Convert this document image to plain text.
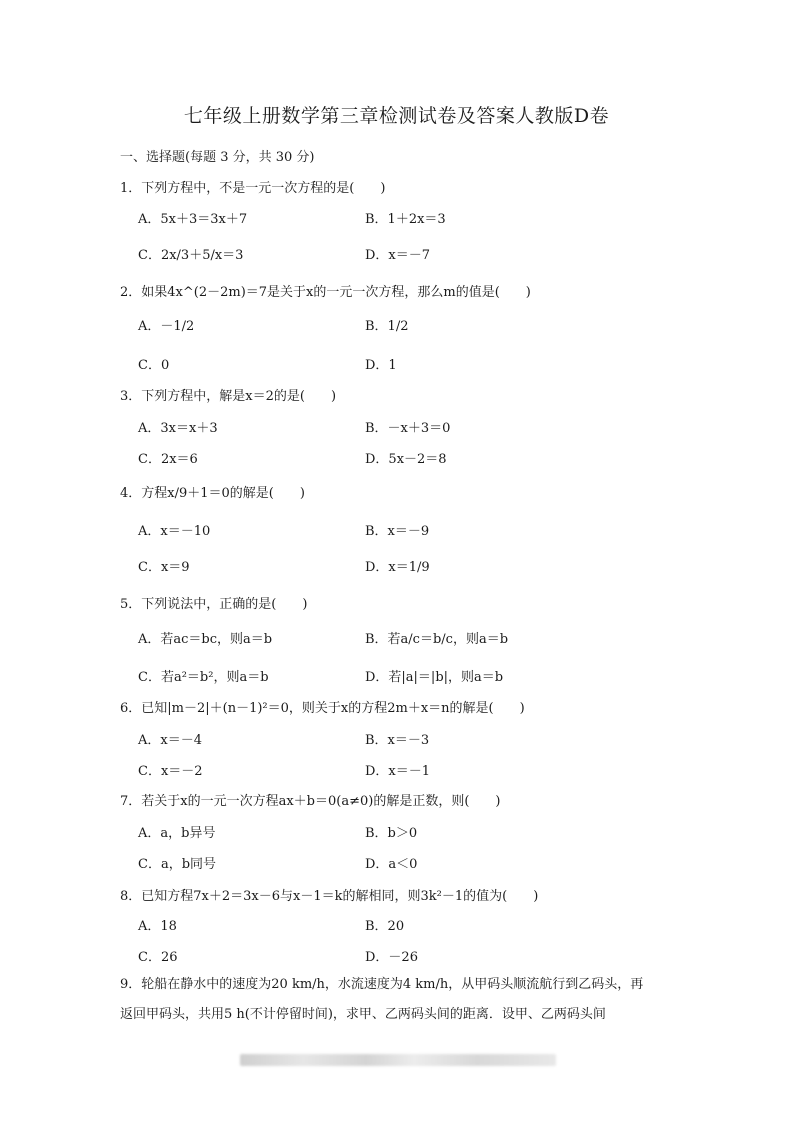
七年级上册数学第三章检测试卷及答案人教版D卷
一、选择题(每题 3 分，共 30 分)
1．下列方程中，不是一元一次方程的是(　　)
A．5x＋3＝3x＋7	B．1＋2x＝3
C．2x/3＋5/x＝3	D．x＝－7
2．如果4x^(2－2m)＝7是关于x的一元一次方程，那么m的值是(　　)
A．－1/2	B．1/2
C．0	D．1
3．下列方程中，解是x＝2的是(　　)
A．3x＝x＋3	B．－x＋3＝0
C．2x＝6	D．5x－2＝8
4．方程x/9＋1＝0的解是(　　)
A．x＝－10	B．x＝－9
C．x＝9	D．x＝1/9
5．下列说法中，正确的是(　　)
A．若ac＝bc，则a＝b	B．若a/c＝b/c，则a＝b
C．若a²＝b²，则a＝b	D．若|a|＝|b|，则a＝b
6．已知|m－2|＋(n－1)²＝0，则关于x的方程2m＋x＝n的解是(　　)
A．x＝－4	B．x＝－3
C．x＝－2	D．x＝－1
7．若关于x的一元一次方程ax＋b＝0(a≠0)的解是正数，则(　　)
A．a，b异号	B．b＞0
C．a，b同号	D．a＜0
8．已知方程7x＋2＝3x－6与x－1＝k的解相同，则3k²－1的值为(　　)
A．18	B．20
C．26	D．－26
9．轮船在静水中的速度为20 km/h，水流速度为4 km/h，从甲码头顺流航行到乙码头，再
返回甲码头，共用5 h(不计停留时间)，求甲、乙两码头间的距离．设甲、乙两码头间
